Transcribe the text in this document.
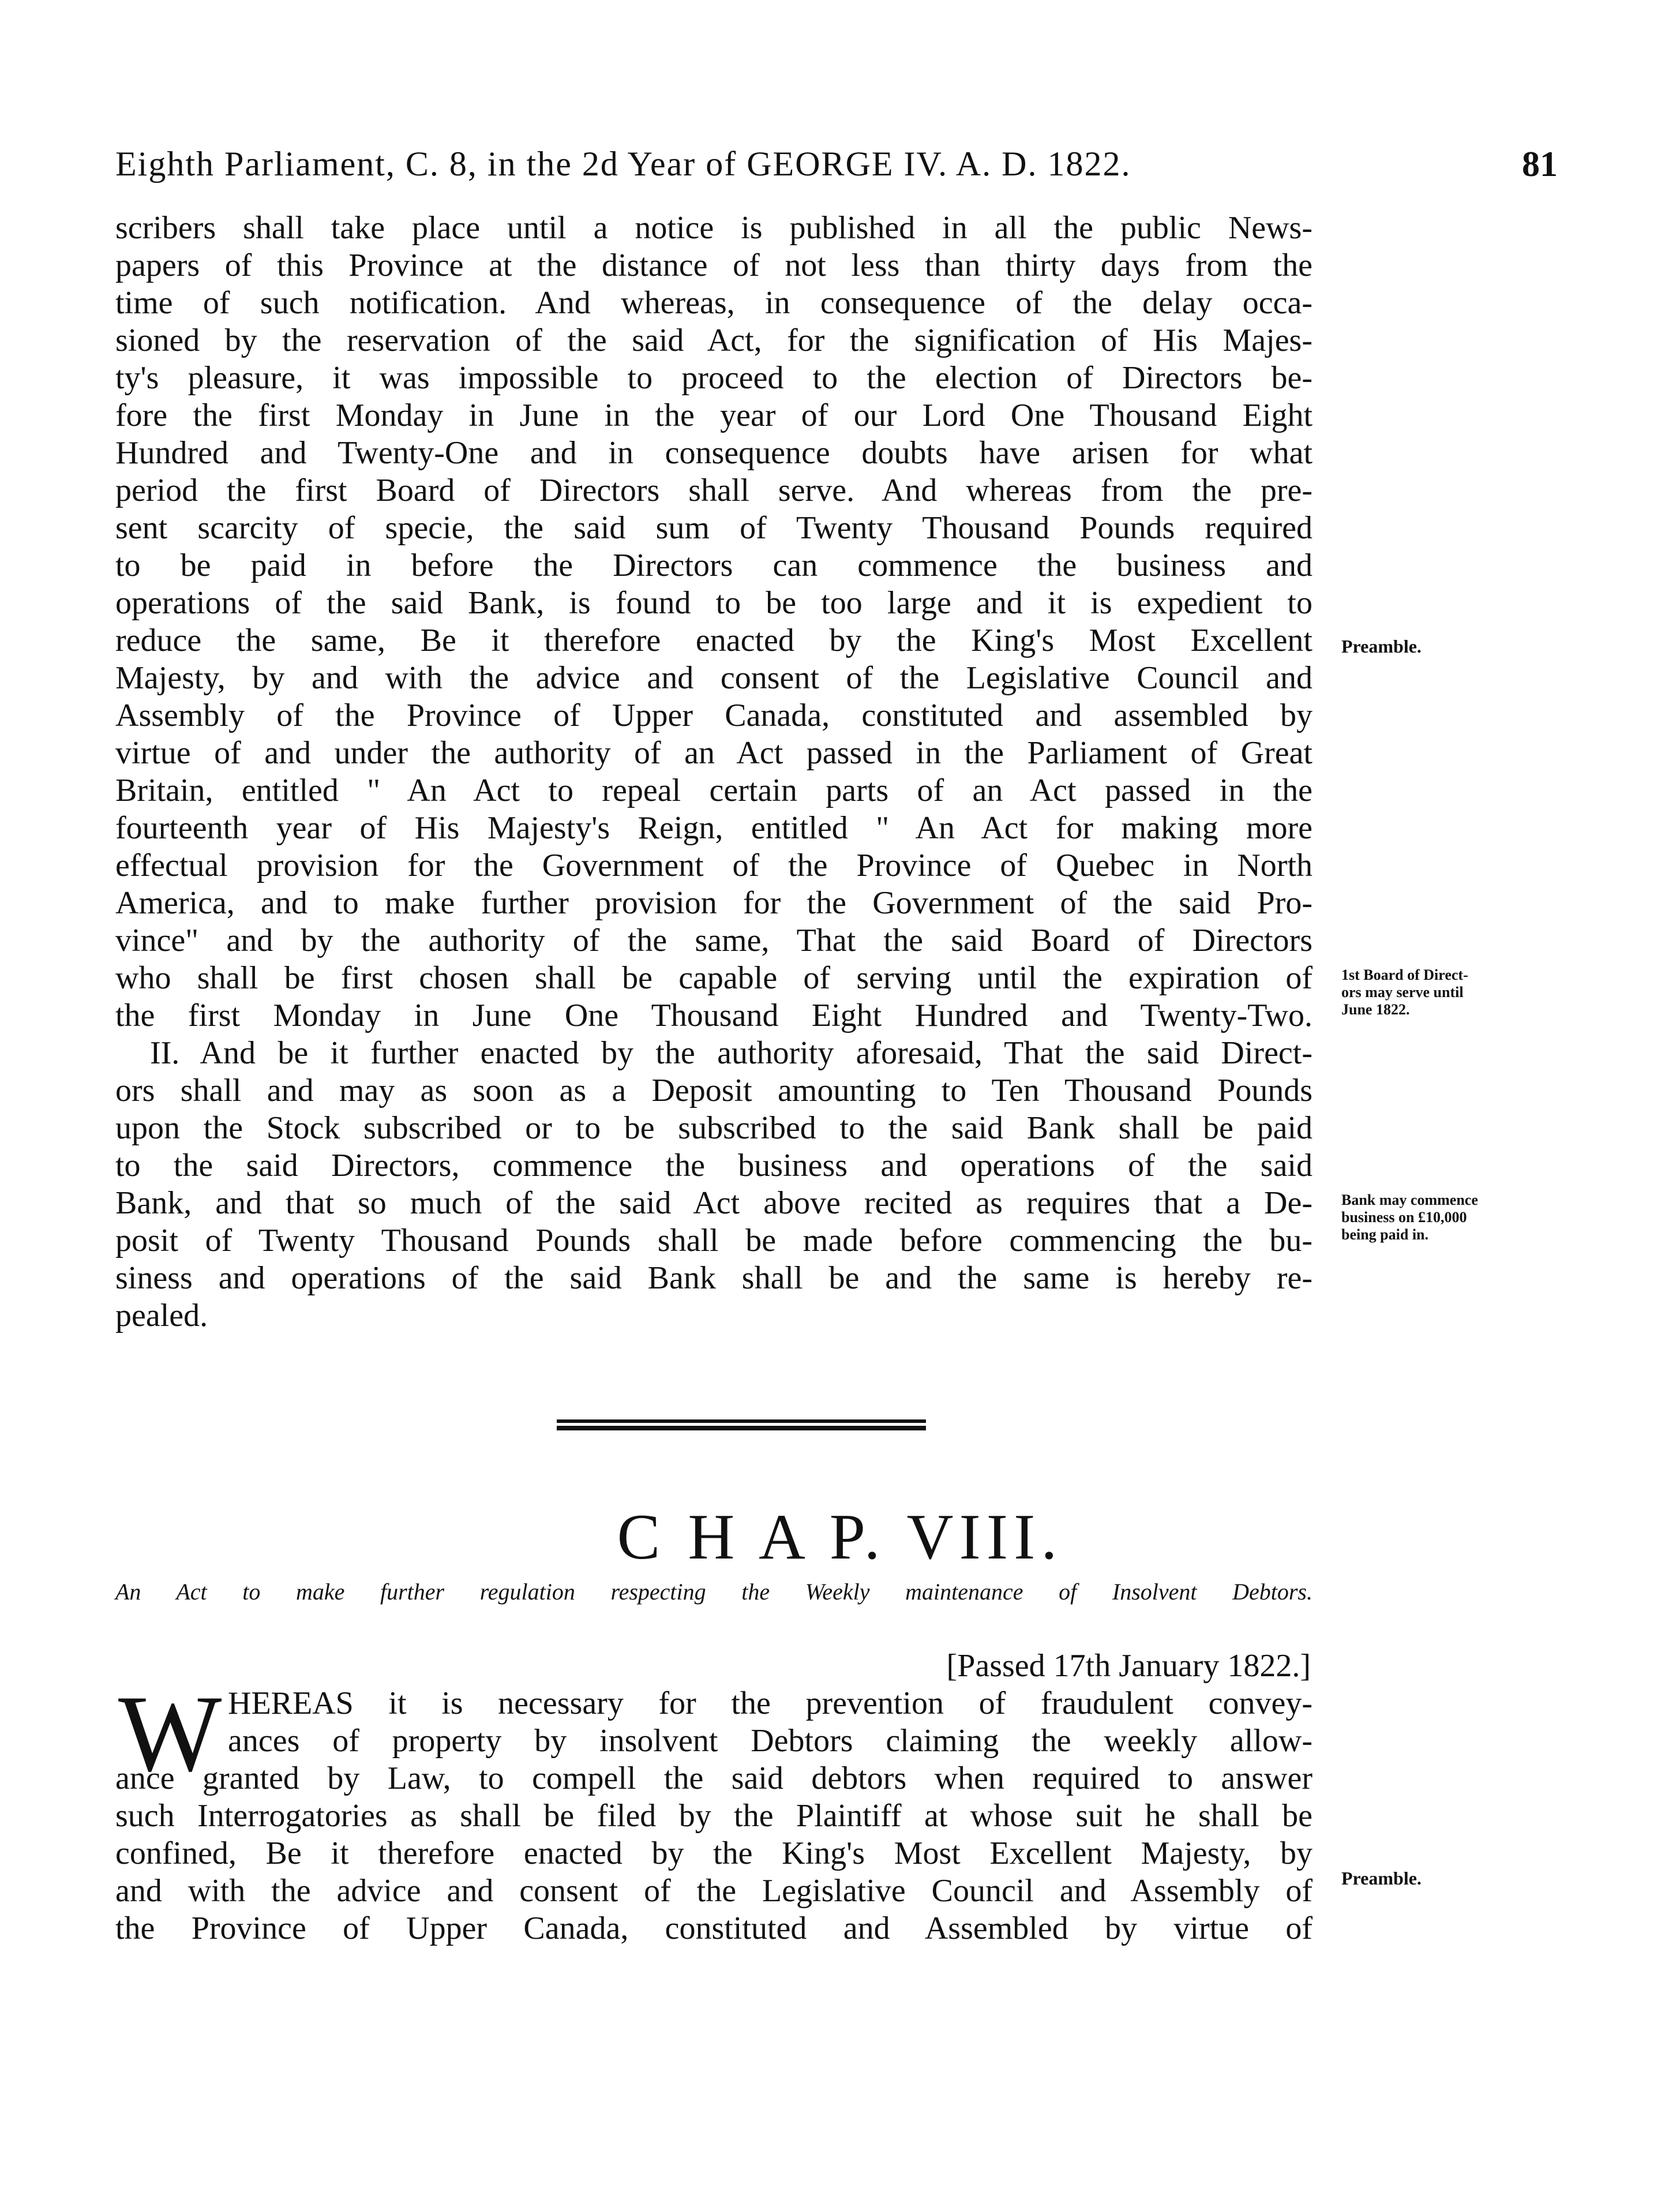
Eighth Parliament, C. 8, in the 2d Year of GEORGE IV. A. D. 1822.	81
scribers shall take place until a notice is published in all the public News-
papers of this Province at the distance of not less than thirty days from the
time of such notification. And whereas, in consequence of the delay occa-
sioned by the reservation of the said Act, for the signification of His Majes-
ty's pleasure, it was impossible to proceed to the election of Directors be-
fore the first Monday in June in the year of our Lord One Thousand Eight
Hundred and Twenty-One and in consequence doubts have arisen for what
period the first Board of Directors shall serve. And whereas from the pre-
sent scarcity of specie, the said sum of Twenty Thousand Pounds required
to be paid in before the Directors can commence the business and
operations of the said Bank, is found to be too large and it is expedient to
reduce the same, Be it therefore enacted by the King's Most Excellent
Majesty, by and with the advice and consent of the Legislative Council and
Assembly of the Province of Upper Canada, constituted and assembled by
virtue of and under the authority of an Act passed in the Parliament of Great
Britain, entitled " An Act to repeal certain parts of an Act passed in the
fourteenth year of His Majesty's Reign, entitled " An Act for making more
effectual provision for the Government of the Province of Quebec in North
America, and to make further provision for the Government of the said Pro-
vince" and by the authority of the same, That the said Board of Directors
who shall be first chosen shall be capable of serving until the expiration of
the first Monday in June One Thousand Eight Hundred and Twenty-Two.
II. And be it further enacted by the authority aforesaid, That the said Direct-
ors shall and may as soon as a Deposit amounting to Ten Thousand Pounds
upon the Stock subscribed or to be subscribed to the said Bank shall be paid
to the said Directors, commence the business and operations of the said
Bank, and that so much of the said Act above recited as requires that a De-
posit of Twenty Thousand Pounds shall be made before commencing the bu-
siness and operations of the said Bank shall be and the same is hereby re-
pealed.
Preamble.
1st Board of Direct-
ors may serve until
June 1822.
Bank may commence
business on £10,000
being paid in.
C H A P. VIII.
An Act to make further regulation respecting the Weekly maintenance of Insolvent Debtors.
[Passed 17th January 1822.]
W HEREAS it is necessary for the prevention of fraudulent convey-
ances of property by insolvent Debtors claiming the weekly allow-
ance granted by Law, to compell the said debtors when required to answer
such Interrogatories as shall be filed by the Plaintiff at whose suit he shall be
confined, Be it therefore enacted by the King's Most Excellent Majesty, by
and with the advice and consent of the Legislative Council and Assembly of
the Province of Upper Canada, constituted and Assembled by virtue of
Preamble.
